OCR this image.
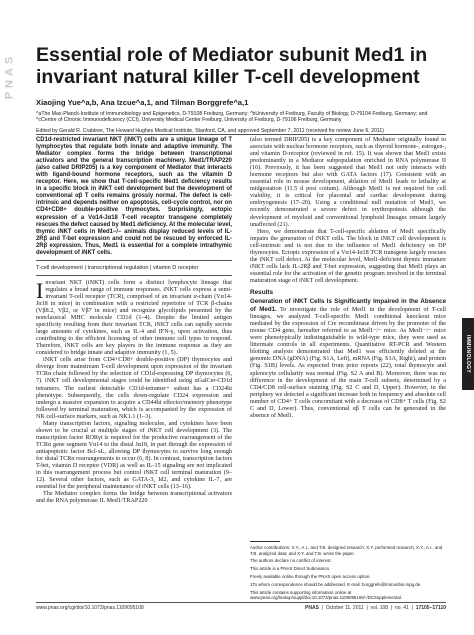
PNAS
IMMUNOLOGY
Essential role of Mediator subunit Med1 in invariant natural killer T-cell development
Xiaojing Yue^a,b, Ana Izcue^a,1, and Tilman Borggrefe^a,1
^aThe Max-Planck-Institute of Immunobiology and Epigenetics, D-79108 Freiburg, Germany; ^bUniversity of Freiburg, Faculty of Biology, D-79104 Freiburg, Germany; and ^cCentre of Chronic Immunodeficiency (CCI), University Medical Center Freiburg, University of Freiburg, D-79106 Freiburg, Germany
Edited by Gerald R. Crabtree, The Howard Hughes Medical Institute, Stanford, CA, and approved September 7, 2011 (received for review June 6, 2011)

CD1d-restricted invariant NKT (iNKT) cells are a unique lineage of T lymphocytes that regulate both innate and adaptive immunity. The Mediator complex forms the bridge between transcriptional activators and the general transcription machinery. Med1/TRAP220 (also called DRIP205) is a key component of Mediator that interacts with ligand-bound hormone receptors, such as the vitamin D receptor. Here, we show that T-cell-specific Med1 deficiency results in a specific block in iNKT cell development but the development of conventional αβ T cells remains grossly normal. The defect is cell-intrinsic and depends neither on apoptosis, cell-cycle control, nor on CD4+CD8+ double-positive thymocytes. Surprisingly, ectopic expression of a Vα14-Jα18 T-cell receptor transgene completely rescues the defect caused by Med1 deficiency. At the molecular level, thymic iNKT cells in Med1−/− animals display reduced levels of IL-2Rβ and T-bet expression and could not be rescued by enforced IL-2Rβ expression. Thus, Med1 is essential for a complete intrathymic development of iNKT cells.

T-cell development | transcriptional regulation | vitamin D receptor

Invariant NKT (iNKT) cells form a distinct lymphocyte lineage that regulates a broad range of immune responses. iNKT cells express a semi-invariant T-cell receptor (TCR), comprised of an invariant α-chain (Vα14-Jα18 in mice) in combination with a restricted repertoire of TCR β-chains (Vβ8.2, Vβ2, or Vβ7 in mice) and recognize glycolipids presented by the nonclassical MHC molecule CD1d (1–4). Despite the limited antigen specificity resulting from their invariant TCR, iNKT cells can rapidly secrete large amounts of cytokines, such as IL-4 and IFN-γ, upon activation, thus contributing to the efficient licensing of other immune cell types to respond. Therefore, iNKT cells are key players in the immune response as they are considered to bridge innate and adaptive immunity (1, 5).

iNKT cells arise from CD4+CD8+ double-positive (DP) thymocytes and diverge from mainstream T-cell development upon expression of the invariant TCRα chain followed by the selection of CD1d-expressing DP thymocytes (6, 7). iNKT cell developmental stages could be identified using αGalCer-CD1d tetramers. The earliest detectable CD1d-tetramer+ subset has a CD24hi phenotype. Subsequently, the cells down-regulate CD24 expression and undergo a massive expansion to acquire a CD44hi effector/memory phenotype followed by terminal maturation, which is accompanied by the expression of NK cell-surface markers, such as NK1.1 (1–3).

Many transcription factors, signaling molecules, and cytokines have been shown to be crucial at multiple stages of iNKT cell development (3). The transcription factor RORγt is required for the productive rearrangement of the TCRα gene segment Vα14 to the distal Jα18, in part through the expression of antiapoptotic factor Bcl-xL, allowing DP thymocytes to survive long enough for distal TCRα rearrangements to occur (6, 8). In contrast, transcription factors T-bet, vitamin D receptor (VDR) as well as IL-15 signaling are not implicated in this rearrangement process but control iNKT cell terminal maturation (9–12). Several other factors, such as GATA-3, Id2, and cytokine IL-7, are essential for the peripheral maintenance of iNKT cells (13–16).

The Mediator complex forms the bridge between transcriptional activators and the RNA polymerase II. Med1/TRAP220

(also termed DRIP205) is a key component of Mediator originally found to associate with nuclear hormone receptors, such as thyroid hormone-, estrogen-, and vitamin D-receptor (reviewed in ref. 15). It was shown that Med1 exists predominantly in a Mediator subpopulation enriched in RNA polymerase II (16). Previously, it has been suggested that Med1 not only interacts with hormone receptors but also with GATA factors (17). Consistent with an essential role in mouse development, ablation of Med1 leads to lethality at midgestation (11.5 d post coitum). Although Med1 is not required for cell viability, it is critical for placental and cardiac development during embryogenesis (17–20). Using a conditional null mutation of Med1, we recently demonstrated a severe defect in erythropoiesis although the development of myeloid and conventional lymphoid lineages remain largely unaffected (21).

Here, we demonstrate that T-cell-specific ablation of Med1 specifically impairs the generation of iNKT cells. The block in iNKT cell development is cell-intrinsic and is not due to the influence of Med1 deficiency on DP thymocytes. Ectopic expression of a Vα14-Jα18 TCR transgene largely rescues the iNKT cell defect. At the molecular level, Med1-deficient thymic immature iNKT cells lack IL-2Rβ and T-bet expression, suggesting that Med1 plays an essential role for the activation of the genetic program involved in the terminal maturation stage of iNKT cell development.

Results

Generation of iNKT Cells Is Significantly Impaired in the Absence of Med1. To investigate the role of Med1 in the development of T-cell lineages, we analyzed T-cell-specific Med1 conditional knockout mice mediated by the expression of Cre recombinase driven by the promoter of the mouse CD4 gene, hereafter referred to as Med1−/− mice. As Med1−/− mice were phenotypically indistinguishable to wild-type mice, they were used as littermate controls in all experiments. Quantitative RT-PCR and Western blotting analysis demonstrated that Med1 was efficiently deleted at the genomic DNA (gDNA) (Fig. S1A, Left), mRNA (Fig. S1A, Right), and protein (Fig. S1B) levels. As expected from prior reports (22), total thymocyte and splenocyte cellularity was normal (Fig. S2 A and B). Moreover, there was no difference in the development of the main T-cell subsets, determined by a CD4/CD8 cell-surface staining (Fig. S2 C and D, Upper). However, in the periphery we detected a significant increase both in frequency and absolute cell number of CD4+ T cells concomitant with a decrease of CD8+ T cells (Fig. S2 C and D, Lower). Thus, conventional αβ T cells can be generated in the absence of Med1.

Author contributions: X.Y., A.I., and T.B. designed research; X.Y. performed research; X.Y., A.I., and T.B. analyzed data; and X.Y. and T.B. wrote the paper.
The authors declare no conflict of interest.
This article is a PNAS Direct Submission.
Freely available online through the PNAS open access option.
1To whom correspondence should be addressed. E-mail: borggrefe@immunbio.mpg.de.
This article contains supporting information online at www.pnas.org/lookup/suppl/doi:10.1073/pnas.1109095108/-/DCSupplemental.
www.pnas.org/cgi/doi/10.1073/pnas.1109095108	PNAS  |  October 11, 2011  |  vol. 108  |  no. 41  |  17105–17110
